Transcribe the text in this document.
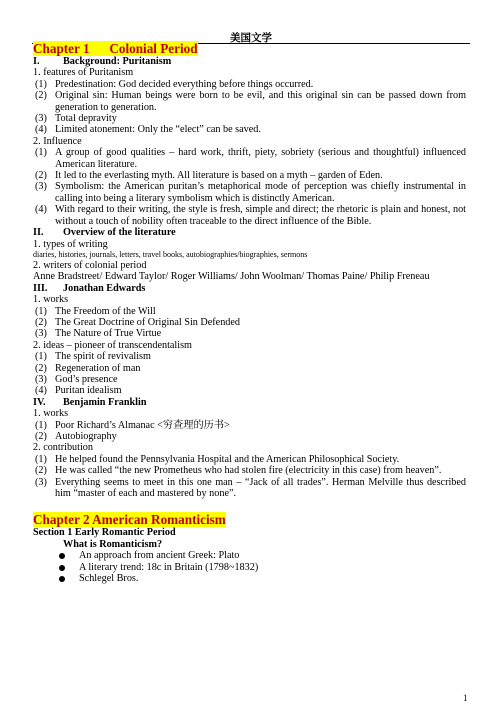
美国文学
Chapter 1 Colonial Period
I. Background: Puritanism
1. features of Puritanism
(1) Predestination: God decided everything before things occurred.
(2) Original sin: Human beings were born to be evil, and this original sin can be passed down from generation to generation.
(3) Total depravity
(4) Limited atonement: Only the “elect” can be saved.
2. Influence
(1) A group of good qualities – hard work, thrift, piety, sobriety (serious and thoughtful) influenced American literature.
(2) It led to the everlasting myth. All literature is based on a myth – garden of Eden.
(3) Symbolism: the American puritan’s metaphorical mode of perception was chiefly instrumental in calling into being a literary symbolism which is distinctly American.
(4) With regard to their writing, the style is fresh, simple and direct; the rhetoric is plain and honest, not without a touch of nobility often traceable to the direct influence of the Bible.
II. Overview of the literature
1. types of writing
diaries, histories, journals, letters, travel books, autobiographies/biographies, sermons
2. writers of colonial period
Anne Bradstreet/ Edward Taylor/ Roger Williams/ John Woolman/ Thomas Paine/ Philip Freneau
III. Jonathan Edwards
1. works
(1) The Freedom of the Will
(2) The Great Doctrine of Original Sin Defended
(3) The Nature of True Virtue
2. ideas – pioneer of transcendentalism
(1) The spirit of revivalism
(2) Regeneration of man
(3) God’s presence
(4) Puritan idealism
IV. Benjamin Franklin
1. works
(1) Poor Richard’s Almanac <穷查理的历书>
(2) Autobiography
2. contribution
(1) He helped found the Pennsylvania Hospital and the American Philosophical Society.
(2) He was called “the new Prometheus who had stolen fire (electricity in this case) from heaven”.
(3) Everything seems to meet in this one man – “Jack of all trades”. Herman Melville thus described him “master of each and mastered by none”.
Chapter 2 American Romanticism
Section 1 Early Romantic Period
What is Romanticism?
An approach from ancient Greek: Plato
A literary trend: 18c in Britain (1798~1832)
Schlegel Bros.
1
